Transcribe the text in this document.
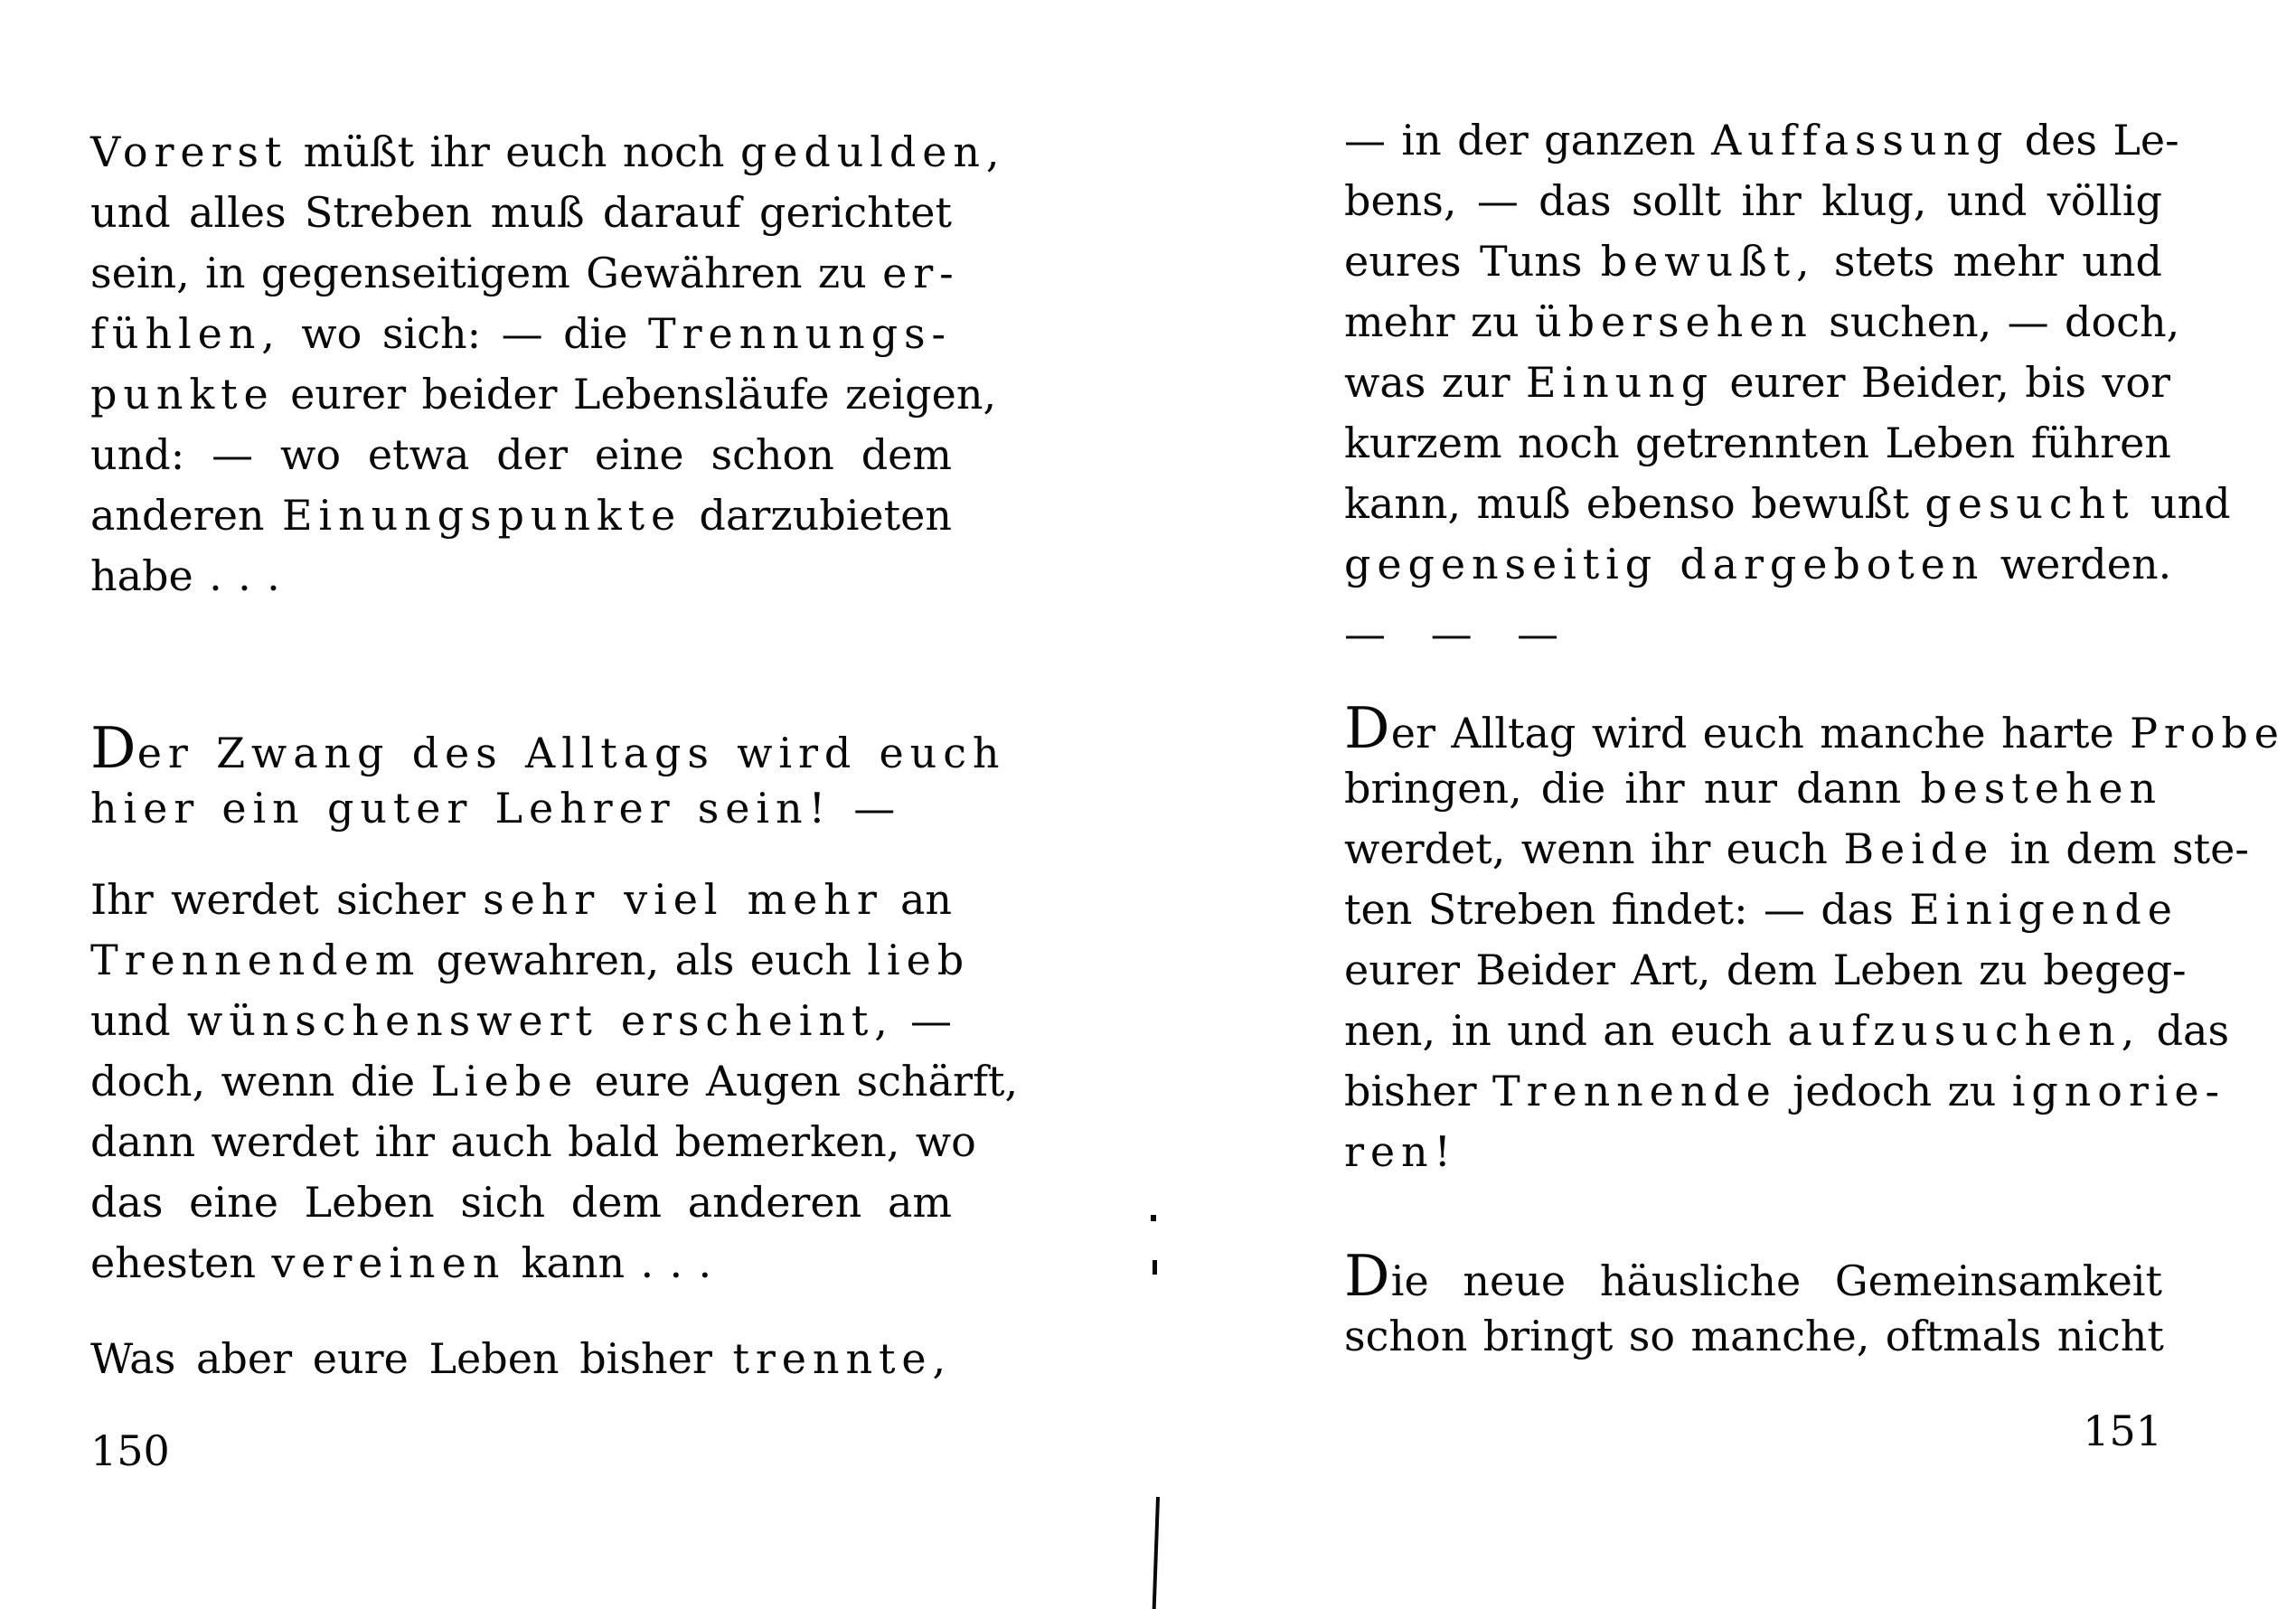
Vorerst müßt ihr euch noch gedulden,
und alles Streben muß darauf gerichtet
sein, in gegenseitigem Gewähren zu er-
fühlen, wo sich: — die Trennungs-
punkte eurer beider Lebensläufe zeigen,
und: — wo etwa der eine schon dem
anderen Einungspunkte darzubieten
habe . . .
Der Zwang des Alltags wird euch
hier ein guter Lehrer sein! —
Ihr werdet sicher sehr viel mehr an
Trennendem gewahren, als euch lieb
und wünschenswert erscheint, —
doch, wenn die Liebe eure Augen schärft,
dann werdet ihr auch bald bemerken, wo
das eine Leben sich dem anderen am
ehesten vereinen kann . . .
Was aber eure Leben bisher trennte,
150
— in der ganzen Auffassung des Le-
bens, — das sollt ihr klug, und völlig
eures Tuns bewußt, stets mehr und
mehr zu übersehen suchen, — doch,
was zur Einung eurer Beider, bis vor
kurzem noch getrennten Leben führen
kann, muß ebenso bewußt gesucht und
gegenseitig dargeboten werden.
— — —
Der Alltag wird euch manche harte Probe
bringen, die ihr nur dann bestehen
werdet, wenn ihr euch Beide in dem ste-
ten Streben findet: — das Einigende
eurer Beider Art, dem Leben zu begeg-
nen, in und an euch aufzusuchen, das
bisher Trennende jedoch zu ignorie-
ren!
Die neue häusliche Gemeinsamkeit
schon bringt so manche, oftmals nicht
151
